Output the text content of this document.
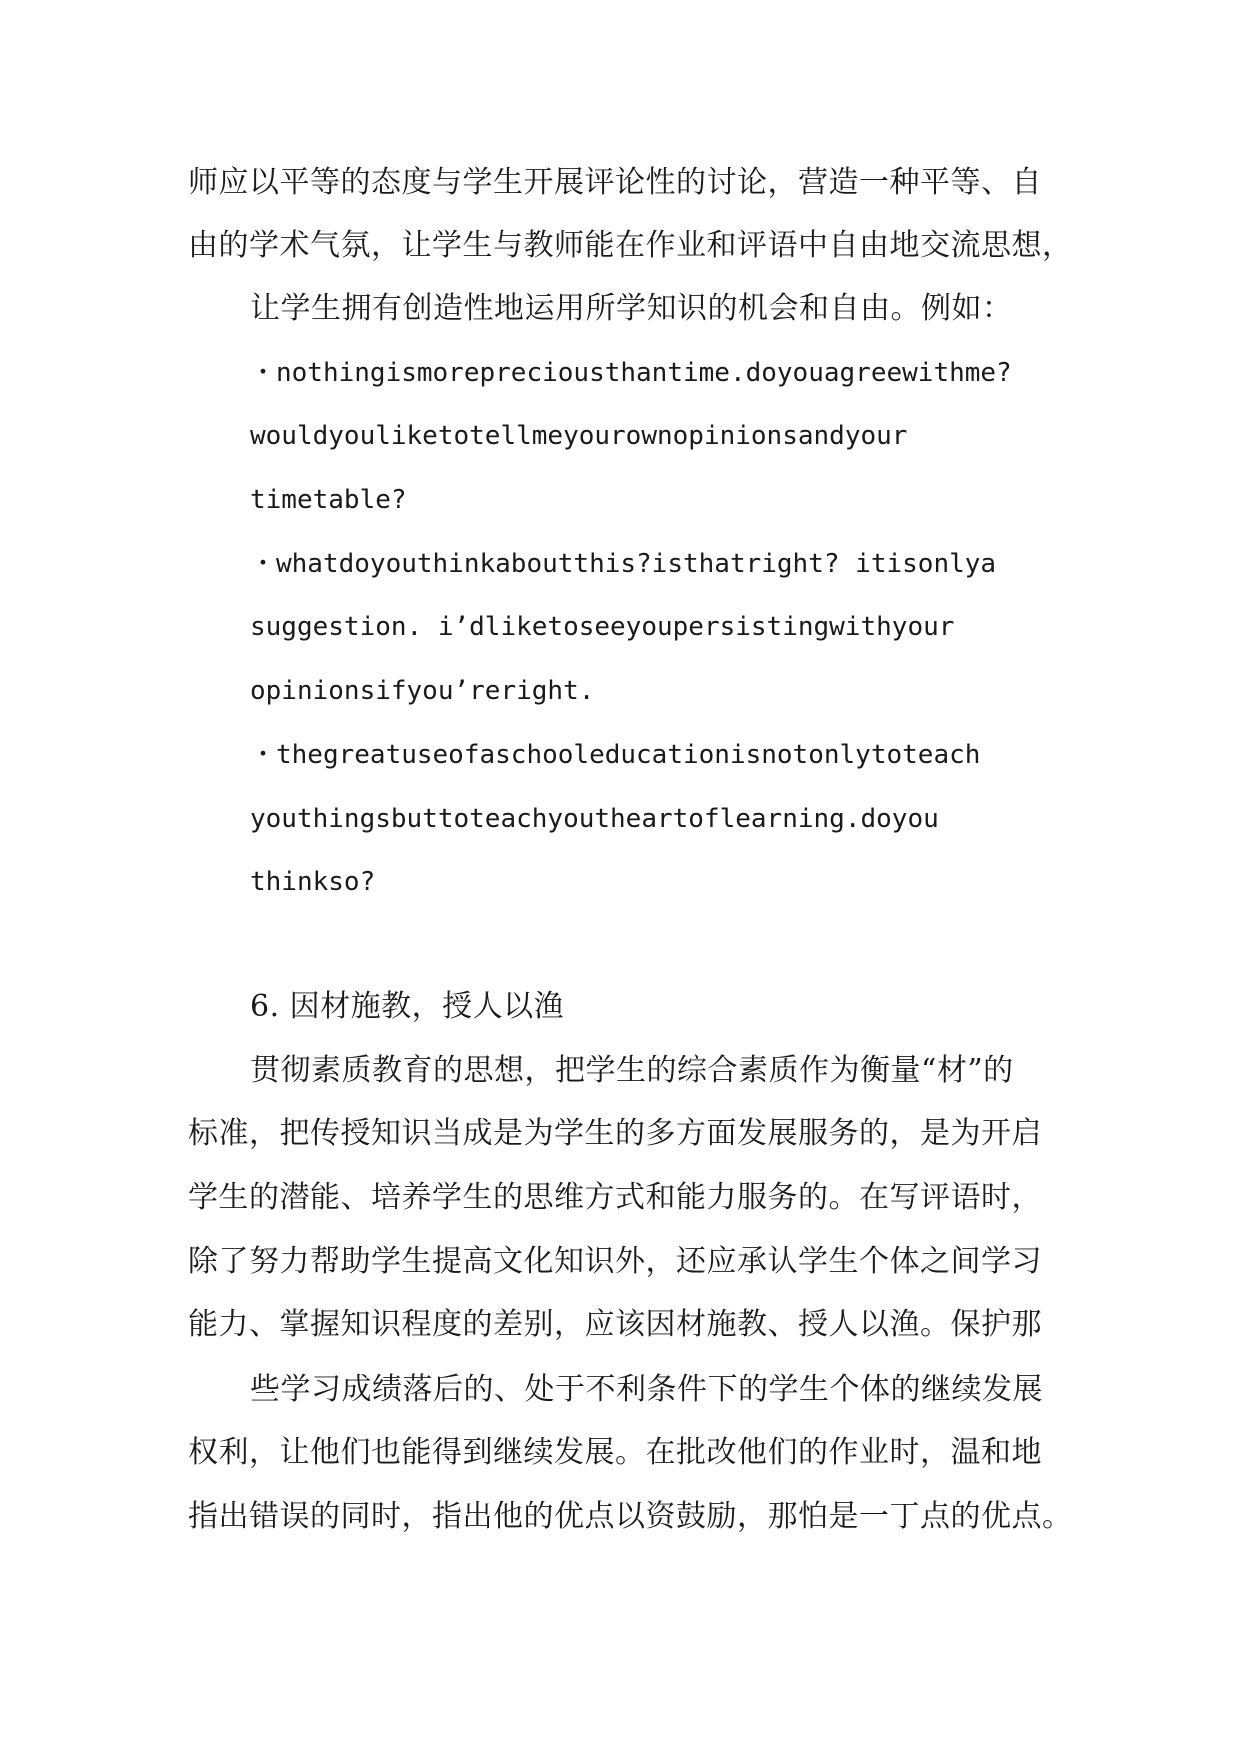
师应以平等的态度与学生开展评论性的讨论，营造一种平等、自
由的学术气氛，让学生与教师能在作业和评语中自由地交流思想，
让学生拥有创造性地运用所学知识的机会和自由。例如：
・nothingismorepreciousthantime.doyouagreewithme?
wouldyouliketotellmeyourownopinionsandyour
timetable?
・whatdoyouthinkaboutthis?isthatright? itisonlya
suggestion. i’dliketoseeyoupersistingwithyour
opinionsifyou’reright.
・thegreatuseofaschooleducationisnotonlytoteach
youthingsbuttoteachyoutheartoflearning.doyou
thinkso?
6. 因材施教，授人以渔
贯彻素质教育的思想，把学生的综合素质作为衡量“材”的
标准，把传授知识当成是为学生的多方面发展服务的，是为开启
学生的潜能、培养学生的思维方式和能力服务的。在写评语时，
除了努力帮助学生提高文化知识外，还应承认学生个体之间学习
能力、掌握知识程度的差别，应该因材施教、授人以渔。保护那
些学习成绩落后的、处于不利条件下的学生个体的继续发展
权利，让他们也能得到继续发展。在批改他们的作业时，温和地
指出错误的同时，指出他的优点以资鼓励，那怕是一丁点的优点。
